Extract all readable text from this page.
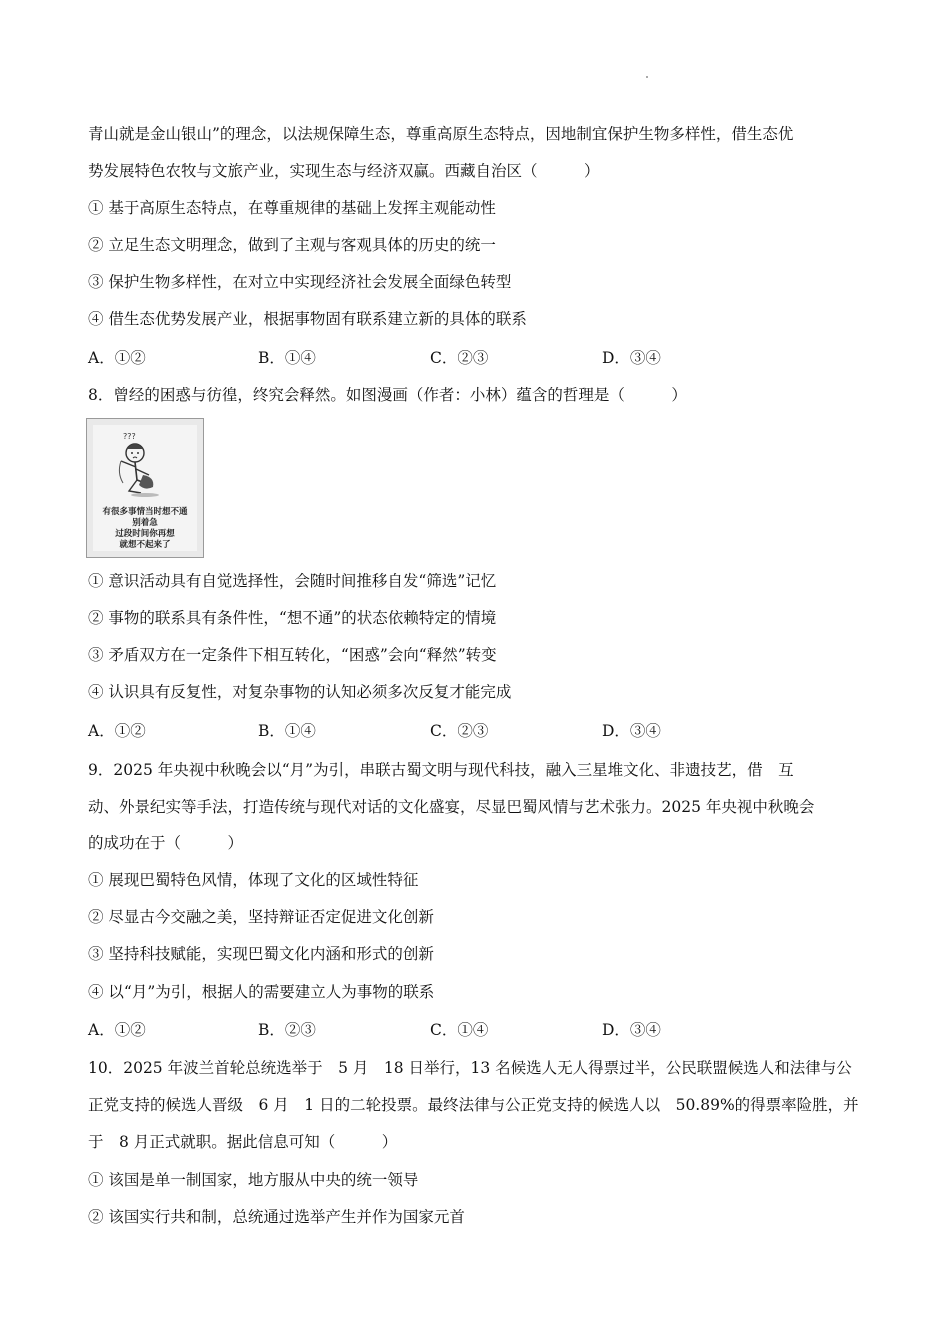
青山就是金山银山”的理念，以法规保障生态，尊重高原生态特点，因地制宜保护生物多样性，借生态优
势发展特色农牧与文旅产业，实现生态与经济双赢。西藏自治区（　　　）
① 基于高原生态特点，在尊重规律的基础上发挥主观能动性
② 立足生态文明理念，做到了主观与客观具体的历史的统一
③ 保护生物多样性，在对立中实现经济社会发展全面绿色转型
④ 借生态优势发展产业，根据事物固有联系建立新的具体的联系
A．①②	B．①④	C．②③	D．③④
8．曾经的困惑与彷徨，终究会释然。如图漫画（作者：小林）蕴含的哲理是（　　　）
???
有很多事情当时想不通
别着急
过段时间你再想
就想不起来了
① 意识活动具有自觉选择性，会随时间推移自发“筛选”记忆
② 事物的联系具有条件性，“想不通”的状态依赖特定的情境
③ 矛盾双方在一定条件下相互转化，“困惑”会向“释然”转变
④ 认识具有反复性，对复杂事物的认知必须多次反复才能完成
A．①②	B．①④	C．②③	D．③④
9．2025 年央视中秋晚会以“月”为引，串联古蜀文明与现代科技，融入三星堆文化、非遗技艺，借　互
动、外景纪实等手法，打造传统与现代对话的文化盛宴，尽显巴蜀风情与艺术张力。2025 年央视中秋晚会
的成功在于（　　　）
① 展现巴蜀特色风情，体现了文化的区域性特征
② 尽显古今交融之美，坚持辩证否定促进文化创新
③ 坚持科技赋能，实现巴蜀文化内涵和形式的创新
④ 以“月”为引，根据人的需要建立人为事物的联系
A．①②	B．②③	C．①④	D．③④
10．2025 年波兰首轮总统选举于　5 月　18 日举行，13 名候选人无人得票过半，公民联盟候选人和法律与公
正党支持的候选人晋级　6 月　1 日的二轮投票。最终法律与公正党支持的候选人以　50.89%的得票率险胜，并
于　8 月正式就职。据此信息可知（　　　）
① 该国是单一制国家，地方服从中央的统一领导
② 该国实行共和制，总统通过选举产生并作为国家元首
